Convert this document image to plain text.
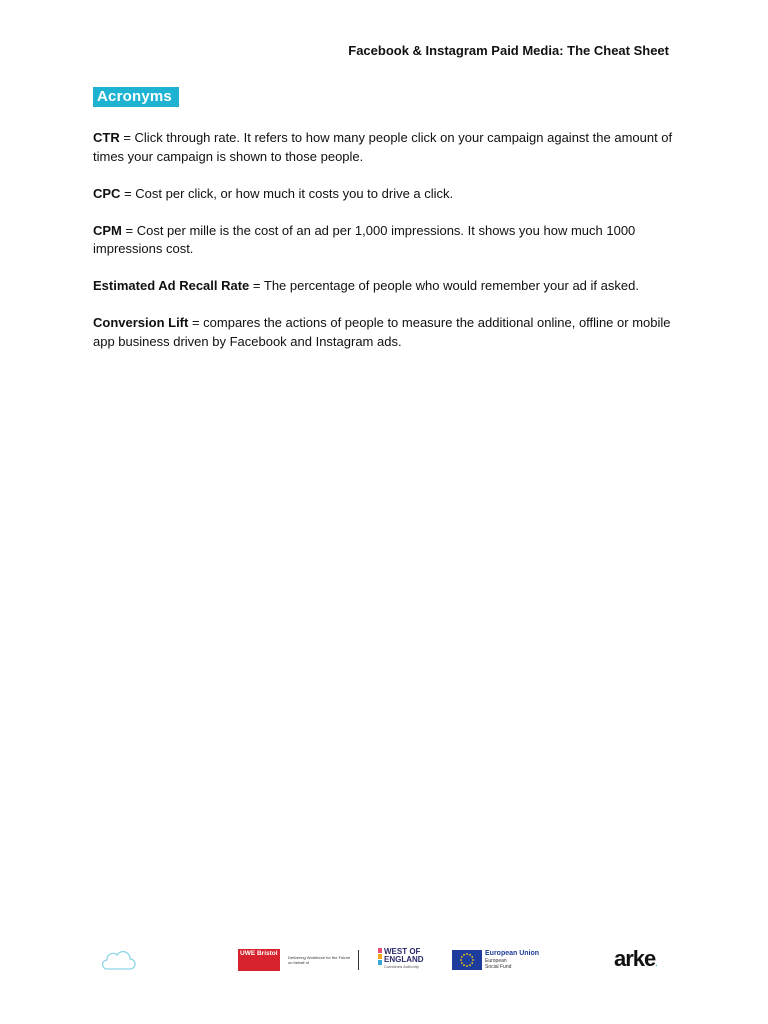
Facebook & Instagram Paid Media: The Cheat Sheet
Acronyms

CTR = Click through rate. It refers to how many people click on your campaign against the amount of times your campaign is shown to those people.

CPC = Cost per click, or how much it costs you to drive a click.

CPM = Cost per mille is the cost of an ad per 1,000 impressions. It shows you how much 1000 impressions cost.

Estimated Ad Recall Rate = The percentage of people who would remember your ad if asked.

Conversion Lift = compares the actions of people to measure the additional online, offline or mobile app business driven by Facebook and Instagram ads.

UWE Bristol
Delivering Workforce for the Future on behalf of
WEST OF
ENGLAND
Combined Authority
European Union
European
Social Fund	arke.
